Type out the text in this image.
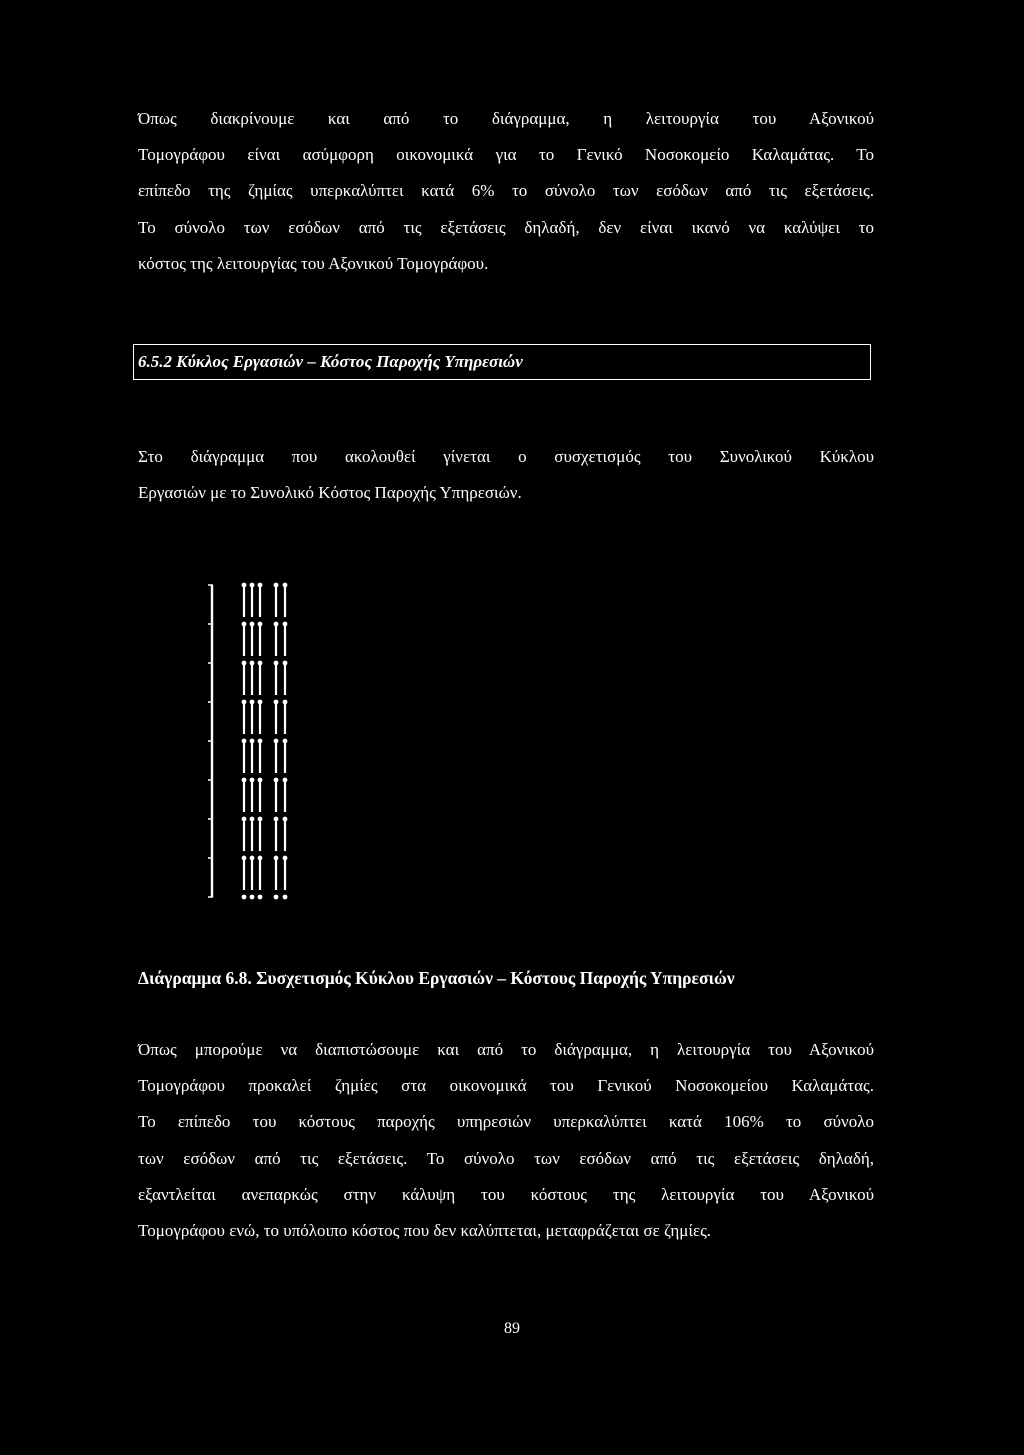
Όπως διακρίνουμε και από το διάγραμμα, η λειτουργία του Αξονικού
Τομογράφου είναι ασύμφορη οικονομικά για το Γενικό Νοσοκομείο Καλαμάτας. Το
επίπεδο της ζημίας υπερκαλύπτει κατά 6% το σύνολο των εσόδων από τις εξετάσεις.
Το σύνολο των εσόδων από τις εξετάσεις δηλαδή, δεν είναι ικανό να καλύψει το
κόστος της λειτουργίας του Αξονικού Τομογράφου.
6.5.2 Κύκλος Εργασιών – Κόστος Παροχής Υπηρεσιών
Στο διάγραμμα που ακολουθεί γίνεται ο συσχετισμός του Συνολικού Κύκλου
Εργασιών με το Συνολικό Κόστος Παροχής Υπηρεσιών.

Διάγραμμα 6.8. Συσχετισμός Κύκλου Εργασιών – Κόστους Παροχής Υπηρεσιών

Όπως μπορούμε να διαπιστώσουμε και από το διάγραμμα, η λειτουργία του Αξονικού
Τομογράφου προκαλεί ζημίες στα οικονομικά του Γενικού Νοσοκομείου Καλαμάτας.
Το επίπεδο του κόστους παροχής υπηρεσιών υπερκαλύπτει κατά 106% το σύνολο
των εσόδων από τις εξετάσεις. Το σύνολο των εσόδων από τις εξετάσεις δηλαδή,
εξαντλείται ανεπαρκώς στην κάλυψη του κόστους της λειτουργία του Αξονικού
Τομογράφου ενώ, το υπόλοιπο κόστος που δεν καλύπτεται, μεταφράζεται σε ζημίες.
89
